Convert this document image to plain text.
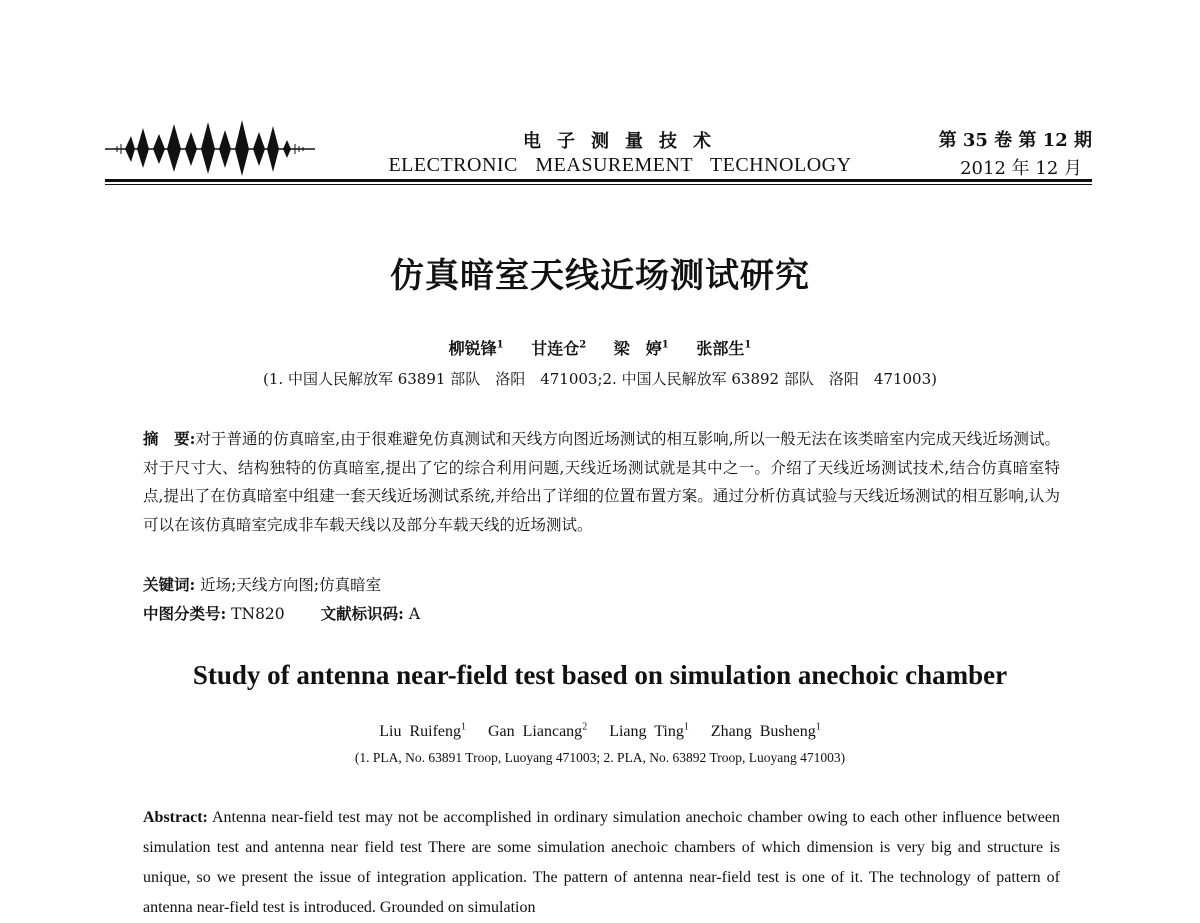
电子测量技术
ELECTRONIC MEASUREMENT TECHNOLOGY
第 35 卷 第 12 期
2012 年 12 月
仿真暗室天线近场测试研究
柳锐锋$^1$ 甘连仓$^2$ 梁　婷$^1$ 张部生$^1$
(1. 中国人民解放军 63891 部队　洛阳　471003;2. 中国人民解放军 63892 部队　洛阳　471003)
摘　要:对于普通的仿真暗室,由于很难避免仿真测试和天线方向图近场测试的相互影响,所以一般无法在该类暗室内完成天线近场测试。对于尺寸大、结构独特的仿真暗室,提出了它的综合利用问题,天线近场测试就是其中之一。介绍了天线近场测试技术,结合仿真暗室特点,提出了在仿真暗室中组建一套天线近场测试系统,并给出了详细的位置布置方案。通过分析仿真试验与天线近场测试的相互影响,认为可以在该仿真暗室完成非车载天线以及部分车载天线的近场测试。
关键词: 近场;天线方向图;仿真暗室
中图分类号: TN820 文献标识码: A
Study of antenna near-field test based on simulation anechoic chamber
Liu Ruifeng$^1$ Gan Liancang$^2$ Liang Ting$^1$ Zhang Busheng$^1$
(1. PLA, No. 63891 Troop, Luoyang 471003; 2. PLA, No. 63892 Troop, Luoyang 471003)
Abstract: Antenna near-field test may not be accomplished in ordinary simulation anechoic chamber owing to each other influence between simulation test and antenna near field test There are some simulation anechoic chambers of which dimension is very big and structure is unique, so we present the issue of integration application. The pattern of antenna near-field test is one of it. The technology of pattern of antenna near-field test is introduced. Grounded on simulation
